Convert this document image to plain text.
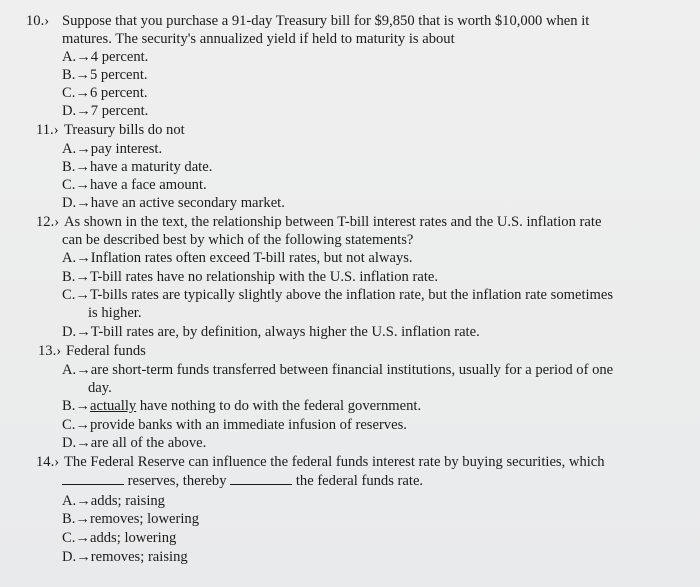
10.› Suppose that you purchase a 91-day Treasury bill for $9,850 that is worth $10,000 when it
matures. The security's annualized yield if held to maturity is about
A.→4 percent.
B.→5 percent.
C.→6 percent.
D.→7 percent.
11.› Treasury bills do not
A.→pay interest.
B.→have a maturity date.
C.→have a face amount.
D.→have an active secondary market.
12.› As shown in the text, the relationship between T-bill interest rates and the U.S. inflation rate
can be described best by which of the following statements?
A.→Inflation rates often exceed T-bill rates, but not always.
B.→T-bill rates have no relationship with the U.S. inflation rate.
C.→T-bills rates are typically slightly above the inflation rate, but the inflation rate sometimes
is higher.
D.→T-bill rates are, by definition, always higher the U.S. inflation rate.
13.› Federal funds
A.→are short-term funds transferred between financial institutions, usually for a period of one
day.
B.→actually have nothing to do with the federal government.
C.→provide banks with an immediate infusion of reserves.
D.→are all of the above.
14.› The Federal Reserve can influence the federal funds interest rate by buying securities, which
reserves, thereby	the federal funds rate.
A.→adds; raising
B.→removes; lowering
C.→adds; lowering
D.→removes; raising
